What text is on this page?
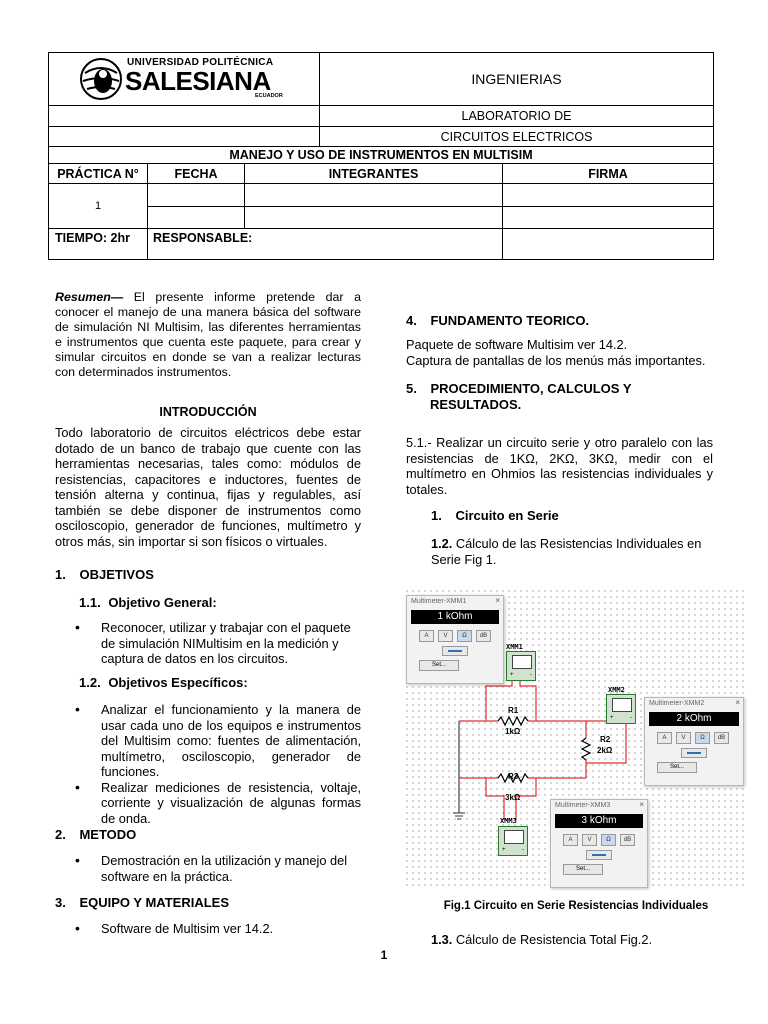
UNIVERSIDAD POLITÉCNICA
SALESIANA
ECUADOR
INGENIERIAS
LABORATORIO DE
CIRCUITOS ELECTRICOS
MANEJO Y USO DE INSTRUMENTOS EN MULTISIM
PRÁCTICA N°	FECHA	INTEGRANTES	FIRMA
1
TIEMPO: 2hr	RESPONSABLE:
Resumen— El presente informe pretende dar a conocer el manejo de una manera básica del software de simulación NI Multisim, las diferentes herramientas e instrumentos que cuenta este paquete, para crear y simular circuitos en donde se van a realizar lecturas con determinados instrumentos.
INTRODUCCIÓN
Todo laboratorio de circuitos eléctricos debe estar dotado de un banco de trabajo que cuente con las herramientas necesarias, tales como: módulos de resistencias, capacitores e inductores, fuentes de tensión alterna y continua, fijas y regulables, así también se debe disponer de instrumentos como osciloscopio, generador de funciones, multímetro y otros más, sin importar si son físicos o virtuales.
1. OBJETIVOS
1.1. Objetivo General:
• Reconocer, utilizar y trabajar con el paquete de simulación NIMultisim en la medición y captura de datos en los circuitos.
1.2. Objetivos Específicos:
• Analizar el funcionamiento y la manera de usar cada uno de los equipos e instrumentos del Multisim como: fuentes de alimentación, multímetro, osciloscopio, generador de funciones.
• Realizar mediciones de resistencia, voltaje, corriente y visualización de algunas formas de onda.
2. METODO
• Demostración en la utilización y manejo del software en la práctica.
3. EQUIPO Y MATERIALES
• Software de Multisim ver 14.2.
4. FUNDAMENTO TEORICO.
Paquete de software Multisim ver 14.2.
Captura de pantallas de los menús más importantes.
5. PROCEDIMIENTO, CALCULOS Y
RESULTADOS.
5.1.- Realizar un circuito serie y otro paralelo con las resistencias de 1KΩ, 2KΩ, 3KΩ, medir con el multímetro en Ohmios las resistencias individuales y totales.
1. Circuito en Serie
1.2. Cálculo de las Resistencias Individuales en Serie Fig 1.
R1
1kΩ
R2
2kΩ
R3
3kΩ
XMM1
+	-
XMM2
+	-
XMM3
+	-
Multimeter-XMM1	×
1 kOhm
A	V	Ω	dB
Set...
Multimeter-XMM2	×
2 kOhm
A	V	Ω	dB
Set...
Multimeter-XMM3	×
3 kOhm
A	V	Ω	dB
Set...
Fig.1 Circuito en Serie Resistencias Individuales
1.3. Cálculo de Resistencia Total Fig.2.
1
